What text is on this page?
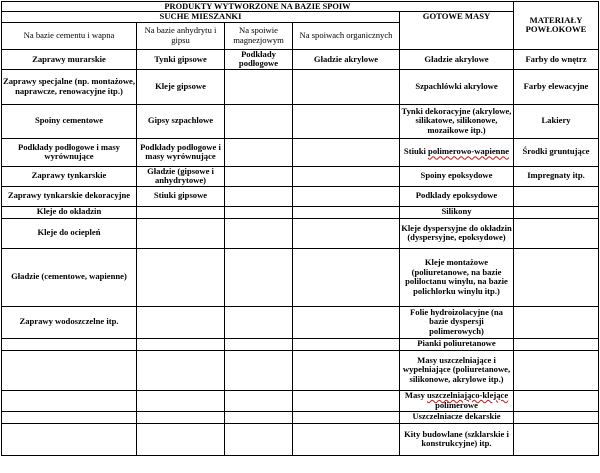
PRODUKTY WYTWORZONE NA BAZIE SPOIW					MATERIAŁY POWŁOKOWE
SUCHE MIESZANKI				GOTOWE MASY	
Na bazie cementu i wapna	Na bazie anhydrytu i gipsu	Na spoiwie magnezjowym	Na spoiwach organicznych		
Zaprawy murarskie	Tynki gipsowe	Podkłady podłogowe	Gładzie akrylowe	Gładzie akrylowe	Farby do wnętrz
Zaprawy specjalne (np. montażowe, naprawcze, renowacyjne itp.)	Kleje gipsowe			Szpachlówki akrylowe	Farby elewacyjne
Spoiny cementowe	Gipsy szpachlowe			Tynki dekoracyjne (akrylowe, silikatowe, silikonowe, mozaikowe itp.)	Lakiery
Podkłady podłogowe i masy wyrównujące	Podkłady podłogowe i masy wyrównujące			Stiuki polimerowo-wapienne	Środki gruntujące
Zaprawy tynkarskie	Gładzie (gipsowe i anhydrytowe)			Spoiny epoksydowe	Impregnaty itp.
Zaprawy tynkarskie dekoracyjne	Stiuki gipsowe			Podkłady epoksydowe	
Kleje do okładzin				Silikony	
Kleje do ociepleń				Kleje dyspersyjne do okładzin (dyspersyjne, epoksydowe)	
Gładzie (cementowe, wapienne)				Kleje montażowe (poliuretanowe, na bazie poliloctanu winylu, na bazie polichlorku winylu itp.)	
Zaprawy wodoszczelne itp.				Folie hydroizolacyjne (na bazie dyspersji polimerowych)	
				Pianki poliuretanowe	
				Masy uszczelniające i wypełniające (poliuretanowe, silikonowe, akrylowe itp.)	
				Masy uszczelniająco-klejące polimerowe	
				Uszczelniacze dekarskie	
				Kity budowlane (szklarskie i konstrukcyjne) itp.	
